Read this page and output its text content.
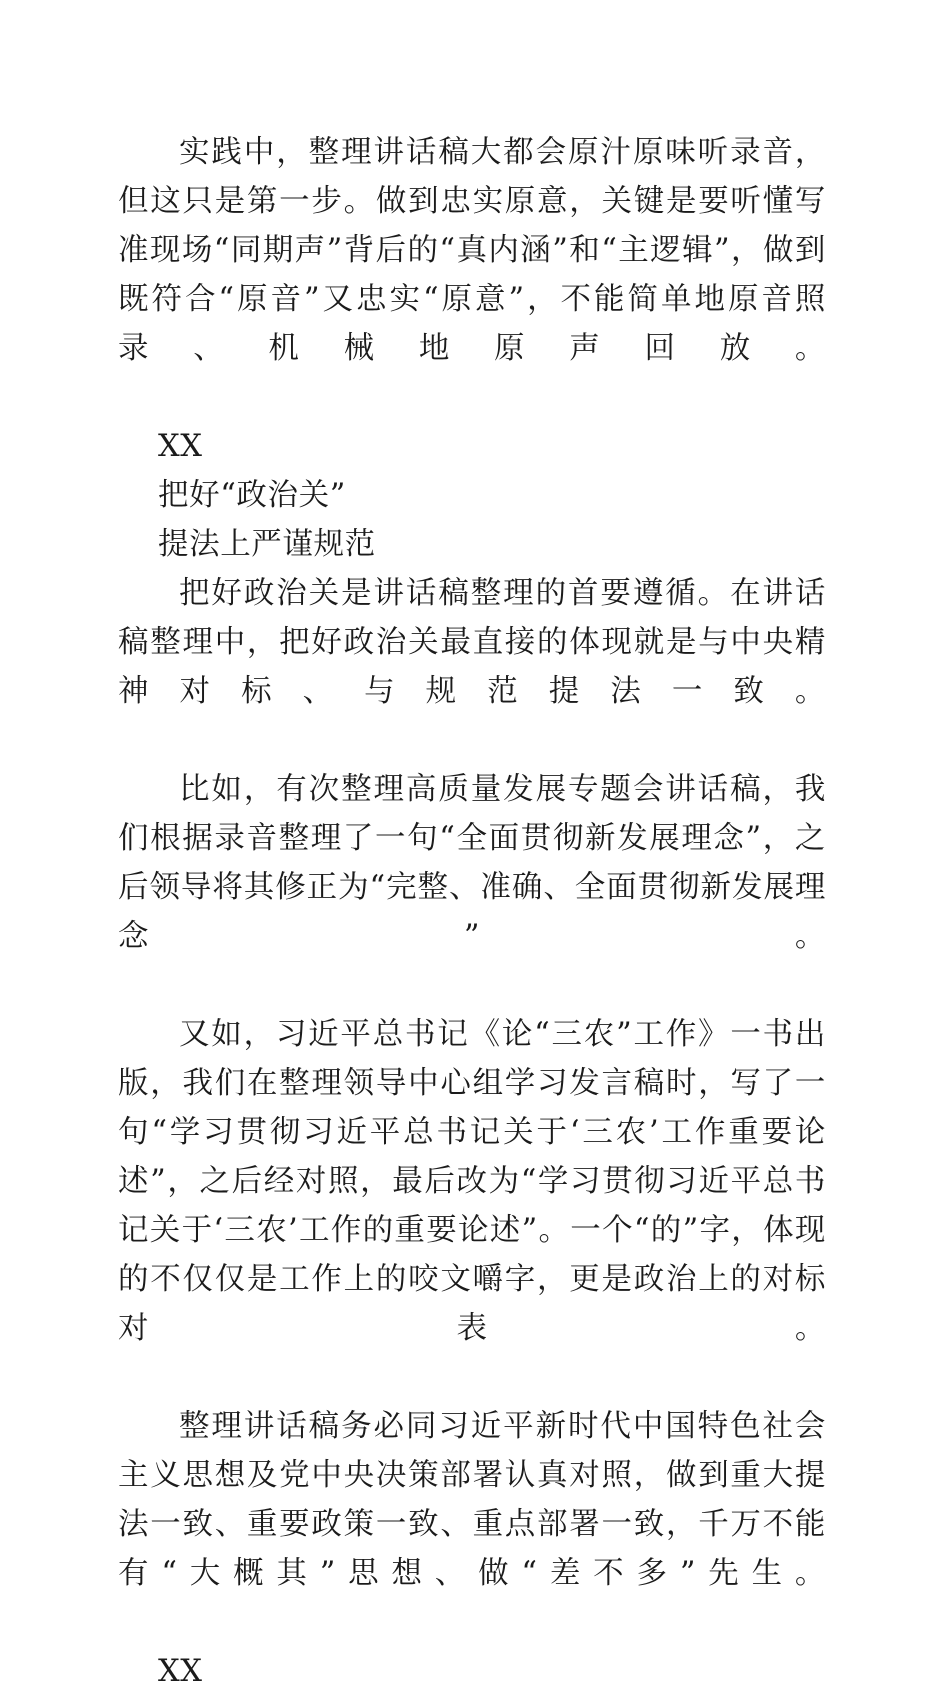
实践中，整理讲话稿大都会原汁原味听录音，但这只是第一步。做到忠实原意，关键是要听懂写准现场“同期声”背后的“真内涵”和“主逻辑”，做到既符合“原音”又忠实“原意”，不能简单地原音照录、机械地原声回放。

XX

把好“政治关”

提法上严谨规范

把好政治关是讲话稿整理的首要遵循。在讲话稿整理中，把好政治关最直接的体现就是与中央精神对标、与规范提法一致。

比如，有次整理高质量发展专题会讲话稿，我们根据录音整理了一句“全面贯彻新发展理念”，之后领导将其修正为“完整、准确、全面贯彻新发展理念”。

又如，习近平总书记《论“三农”工作》一书出版，我们在整理领导中心组学习发言稿时，写了一句“学习贯彻习近平总书记关于‘三农’工作重要论述”，之后经对照，最后改为“学习贯彻习近平总书记关于‘三农’工作的重要论述”。一个“的”字，体现的不仅仅是工作上的咬文嚼字，更是政治上的对标对表。

整理讲话稿务必同习近平新时代中国特色社会主义思想及党中央决策部署认真对照，做到重大提法一致、重要政策一致、重点部署一致，千万不能有“大概其”思想、做“差不多”先生。

XX
